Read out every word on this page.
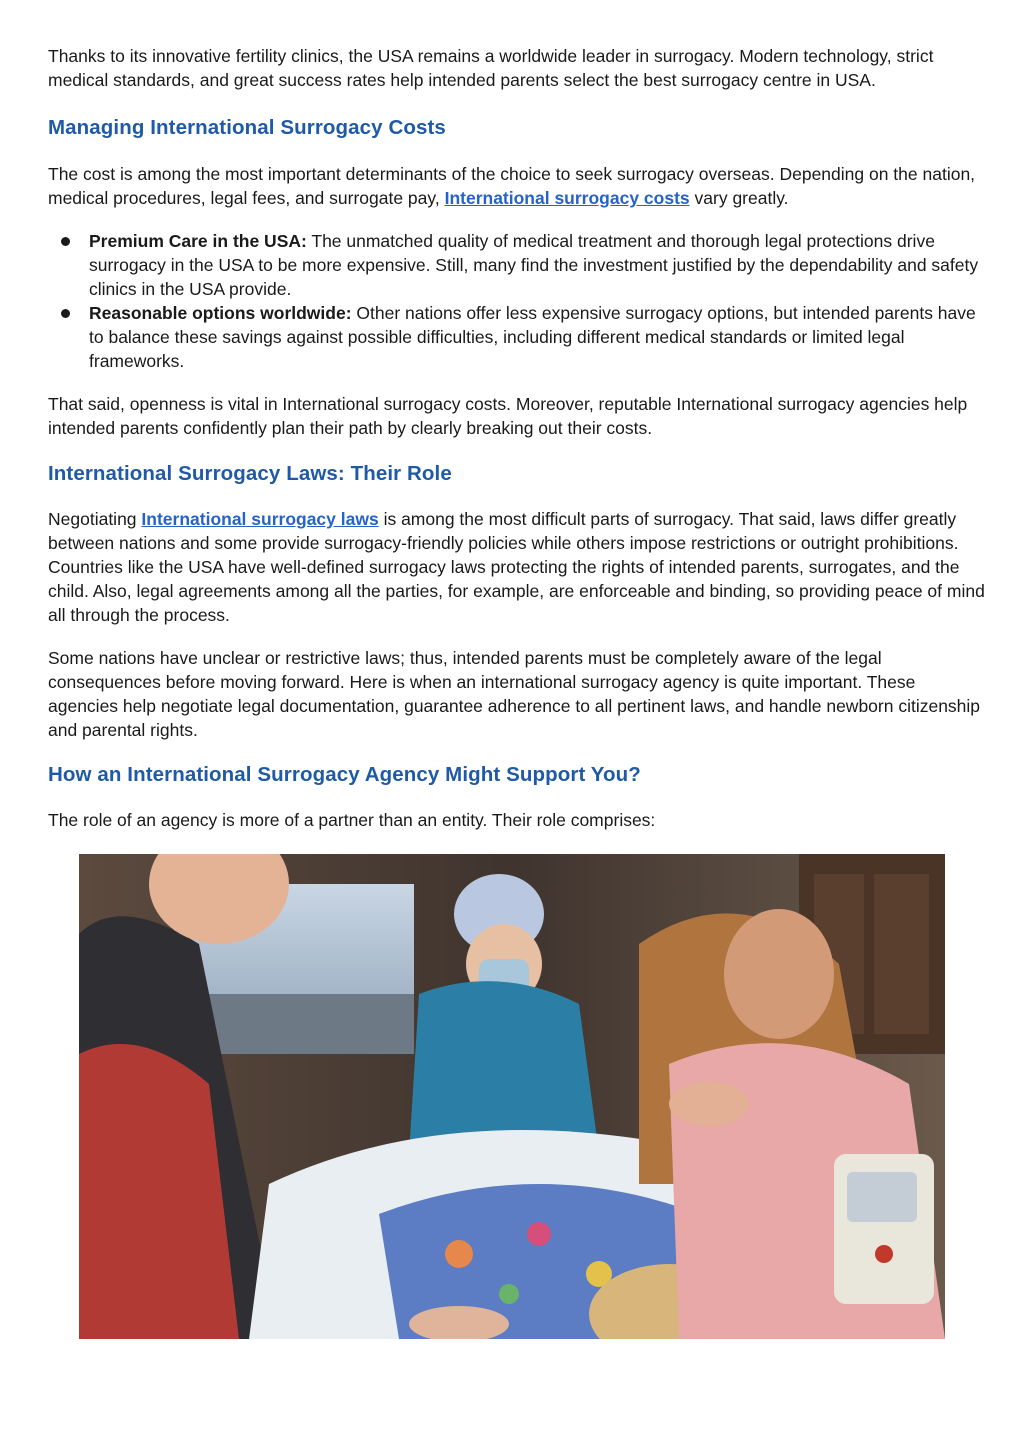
Thanks to its innovative fertility clinics, the USA remains a worldwide leader in surrogacy. Modern technology, strict medical standards, and great success rates help intended parents select the best surrogacy centre in USA.

Managing International Surrogacy Costs

The cost is among the most important determinants of the choice to seek surrogacy overseas. Depending on the nation, medical procedures, legal fees, and surrogate pay, International surrogacy costs vary greatly.

Premium Care in the USA: The unmatched quality of medical treatment and thorough legal protections drive surrogacy in the USA to be more expensive. Still, many find the investment justified by the dependability and safety clinics in the USA provide.
Reasonable options worldwide: Other nations offer less expensive surrogacy options, but intended parents have to balance these savings against possible difficulties, including different medical standards or limited legal frameworks.

That said, openness is vital in International surrogacy costs. Moreover, reputable International surrogacy agencies help intended parents confidently plan their path by clearly breaking out their costs.

International Surrogacy Laws: Their Role

Negotiating International surrogacy laws is among the most difficult parts of surrogacy. That said, laws differ greatly between nations and some provide surrogacy-friendly policies while others impose restrictions or outright prohibitions. Countries like the USA have well-defined surrogacy laws protecting the rights of intended parents, surrogates, and the child. Also, legal agreements among all the parties, for example, are enforceable and binding, so providing peace of mind all through the process.

Some nations have unclear or restrictive laws; thus, intended parents must be completely aware of the legal consequences before moving forward. Here is when an international surrogacy agency is quite important. These agencies help negotiate legal documentation, guarantee adherence to all pertinent laws, and handle newborn citizenship and parental rights.

How an International Surrogacy Agency Might Support You?

The role of an agency is more of a partner than an entity. Their role comprises:
